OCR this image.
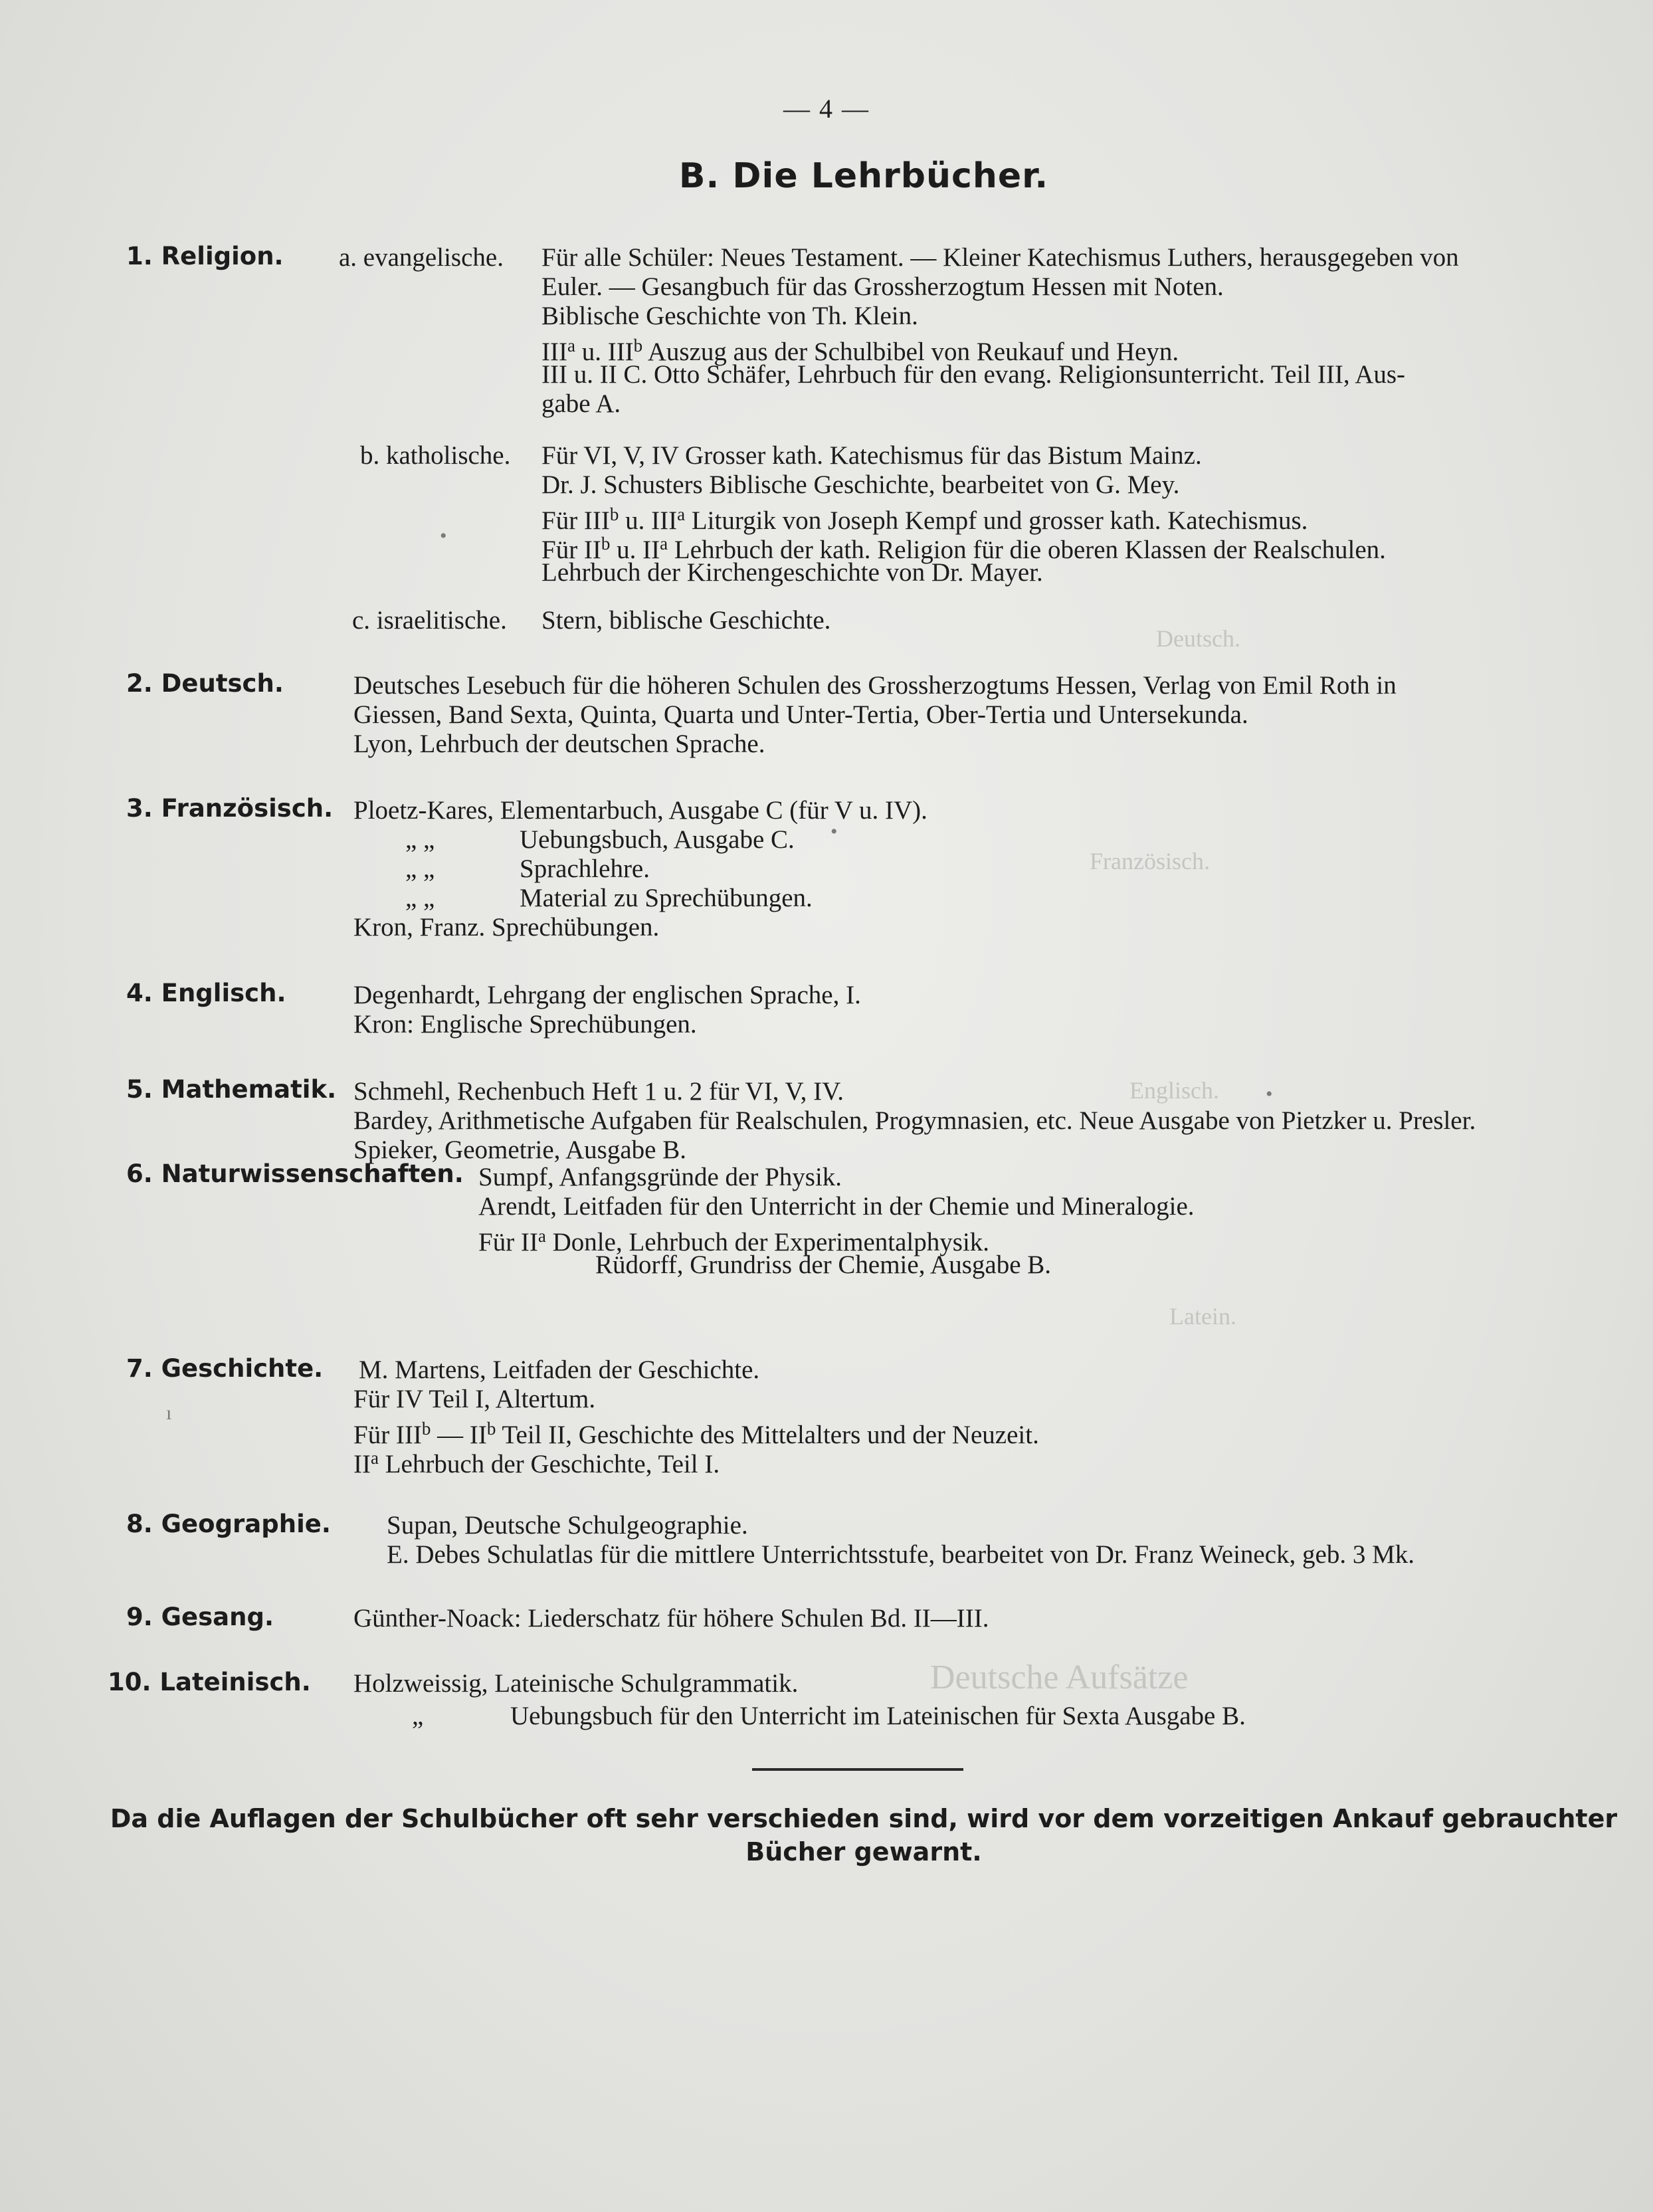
Deutsch.
Französisch.
Englisch.
Latein.
Deutsche Aufsätze
•
•
•
ı
— 4 —
B. Die Lehrbücher.
1. Religion. a. evangelische. Für alle Schüler: Neues Testament. — Kleiner Katechismus Luthers, herausgegeben von
Euler. — Gesangbuch für das Grossherzogtum Hessen mit Noten.
Biblische Geschichte von Th. Klein.
III$^a$ u. III$^b$ Auszug aus der Schulbibel von Reukauf und Heyn.
III u. II C. Otto Schäfer, Lehrbuch für den evang. Religionsunterricht. Teil III, Aus-
gabe A.
b. katholische. Für VI, V, IV Grosser kath. Katechismus für das Bistum Mainz.
Dr. J. Schusters Biblische Geschichte, bearbeitet von G. Mey.
Für III$^b$ u. III$^a$ Liturgik von Joseph Kempf und grosser kath. Katechismus.
Für $II^b$ u. $II^a$ Lehrbuch der kath. Religion für die oberen Klassen der Realschulen.
Lehrbuch der Kirchengeschichte von Dr. Mayer.
c. israelitische. Stern, biblische Geschichte.
2. Deutsch.	Deutsches Lesebuch für die höheren Schulen des Grossherzogtums Hessen, Verlag von Emil Roth in
Giessen, Band Sexta, Quinta, Quarta und Unter-Tertia, Ober-Tertia und Untersekunda.
Lyon, Lehrbuch der deutschen Sprache.
3. Französisch. Ploetz-Kares, Elementarbuch, Ausgabe C (für V u. IV).
„ „	Uebungsbuch, Ausgabe C.
„ „	Sprachlehre.
„ „	Material zu Sprechübungen.
Kron, Franz. Sprechübungen.
4. Englisch.	Degenhardt, Lehrgang der englischen Sprache, I.
Kron: Englische Sprechübungen.
5. Mathematik. Schmehl, Rechenbuch Heft 1 u. 2 für VI, V, IV.
Bardey, Arithmetische Aufgaben für Realschulen, Progymnasien, etc. Neue Ausgabe von Pietzker u. Presler.
Spieker, Geometrie, Ausgabe B.
6. Naturwissenschaften. Sumpf, Anfangsgründe der Physik.
Arendt, Leitfaden für den Unterricht in der Chemie und Mineralogie.
Für $II^a$ Donle, Lehrbuch der Experimentalphysik.
Rüdorff, Grundriss der Chemie, Ausgabe B.
7. Geschichte. M. Martens, Leitfaden der Geschichte.
Für IV Teil I, Altertum.
Für III$^b$ — $II^b$ Teil II, Geschichte des Mittelalters und der Neuzeit.
$II^a$ Lehrbuch der Geschichte, Teil I.
8. Geographie. Supan, Deutsche Schulgeographie.
E. Debes Schulatlas für die mittlere Unterrichtsstufe, bearbeitet von Dr. Franz Weineck, geb. 3 Mk.
9. Gesang.	Günther-Noack: Liederschatz für höhere Schulen Bd. II—III.
10. Lateinisch. Holzweissig, Lateinische Schulgrammatik.
„	Uebungsbuch für den Unterricht im Lateinischen für Sexta Ausgabe B.
Da die Auflagen der Schulbücher oft sehr verschieden sind, wird vor dem vorzeitigen Ankauf gebrauchter Bücher gewarnt.
